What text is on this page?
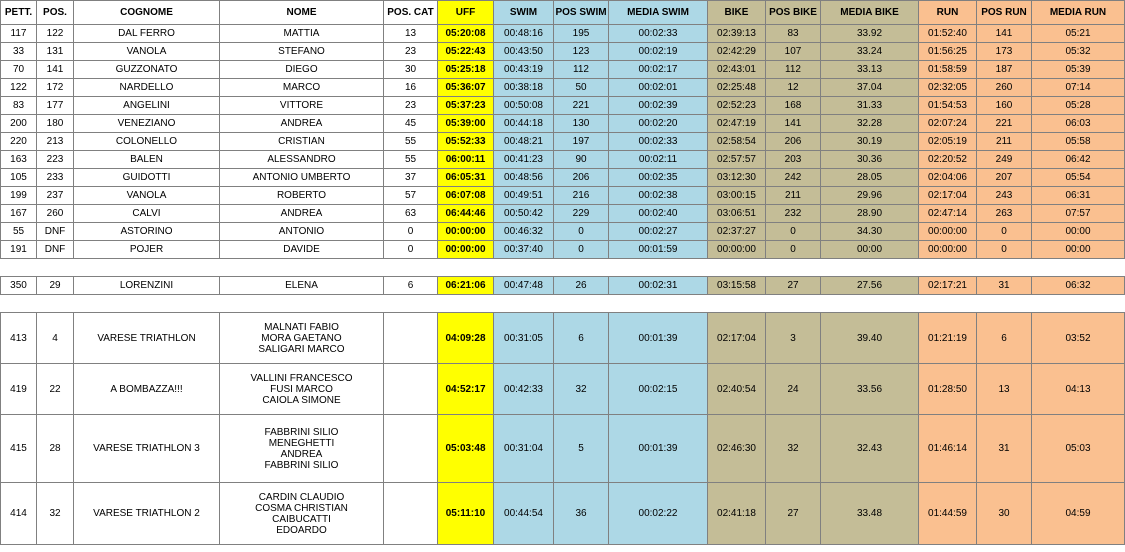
PETT.	POS.	COGNOME	NOME	POS. CAT	UFF	SWIM	POS SWIM	MEDIA SWIM	BIKE	POS BIKE	MEDIA BIKE	RUN	POS RUN	MEDIA RUN
117	122	DAL FERRO	MATTIA	13	05:20:08	00:48:16	195	00:02:33	02:39:13	83	33.92	01:52:40	141	05:21
33	131	VANOLA	STEFANO	23	05:22:43	00:43:50	123	00:02:19	02:42:29	107	33.24	01:56:25	173	05:32
70	141	GUZZONATO	DIEGO	30	05:25:18	00:43:19	112	00:02:17	02:43:01	112	33.13	01:58:59	187	05:39
122	172	NARDELLO	MARCO	16	05:36:07	00:38:18	50	00:02:01	02:25:48	12	37.04	02:32:05	260	07:14
83	177	ANGELINI	VITTORE	23	05:37:23	00:50:08	221	00:02:39	02:52:23	168	31.33	01:54:53	160	05:28
200	180	VENEZIANO	ANDREA	45	05:39:00	00:44:18	130	00:02:20	02:47:19	141	32.28	02:07:24	221	06:03
220	213	COLONELLO	CRISTIAN	55	05:52:33	00:48:21	197	00:02:33	02:58:54	206	30.19	02:05:19	211	05:58
163	223	BALEN	ALESSANDRO	55	06:00:11	00:41:23	90	00:02:11	02:57:57	203	30.36	02:20:52	249	06:42
105	233	GUIDOTTI	ANTONIO UMBERTO	37	06:05:31	00:48:56	206	00:02:35	03:12:30	242	28.05	02:04:06	207	05:54
199	237	VANOLA	ROBERTO	57	06:07:08	00:49:51	216	00:02:38	03:00:15	211	29.96	02:17:04	243	06:31
167	260	CALVI	ANDREA	63	06:44:46	00:50:42	229	00:02:40	03:06:51	232	28.90	02:47:14	263	07:57
55	DNF	ASTORINO	ANTONIO	0	00:00:00	00:46:32	0	00:02:27	02:37:27	0	34.30	00:00:00	0	00:00
191	DNF	POJER	DAVIDE	0	00:00:00	00:37:40	0	00:01:59	00:00:00	0	00:00	00:00:00	0	00:00

350	29	LORENZINI	ELENA	6	06:21:06	00:47:48	26	00:02:31	03:15:58	27	27.56	02:17:21	31	06:32

413	4	VARESE TRIATHLON	MALNATI FABIO
MORA GAETANO
SALIGARI MARCO		04:09:28	00:31:05	6	00:01:39	02:17:04	3	39.40	01:21:19	6	03:52
419	22	A BOMBAZZA!!!	VALLINI FRANCESCO
FUSI MARCO
CAIOLA SIMONE		04:52:17	00:42:33	32	00:02:15	02:40:54	24	33.56	01:28:50	13	04:13
415	28	VARESE TRIATHLON 3	FABBRINI SILIO
MENEGHETTI
ANDREA
FABBRINI SILIO		05:03:48	00:31:04	5	00:01:39	02:46:30	32	32.43	01:46:14	31	05:03
414	32	VARESE TRIATHLON 2	CARDIN CLAUDIO
COSMA CHRISTIAN
CAIBUCATTI
EDOARDO		05:11:10	00:44:54	36	00:02:22	02:41:18	27	33.48	01:44:59	30	04:59
